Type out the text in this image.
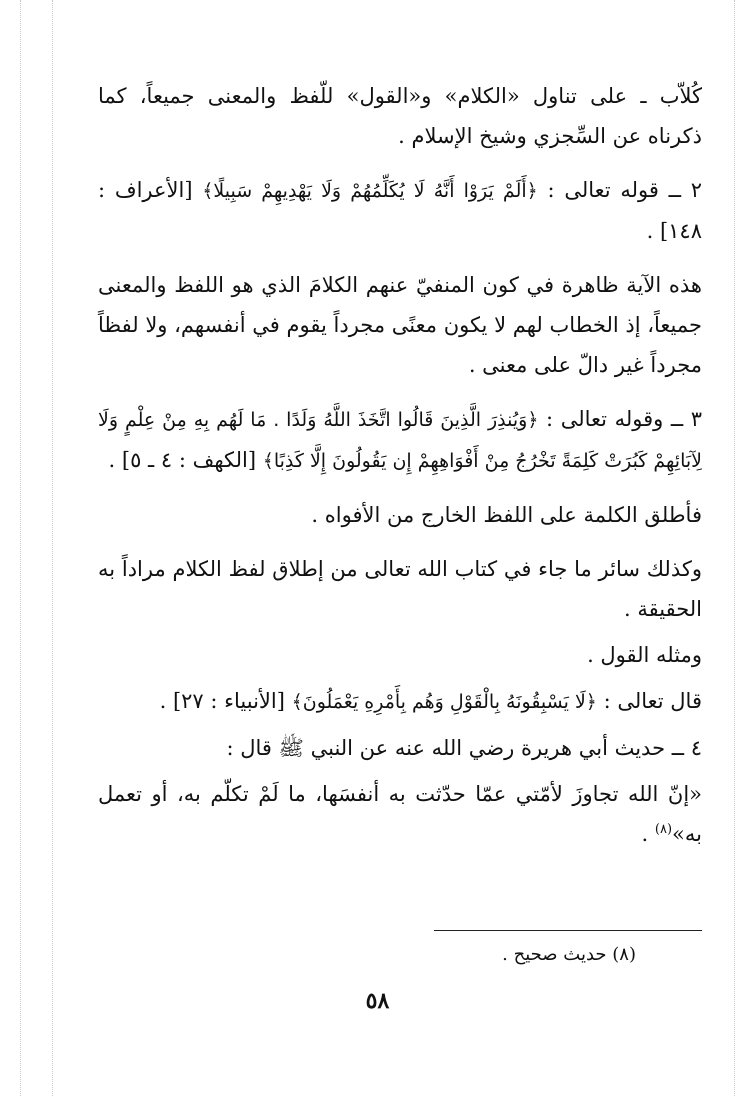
كُلاّب ـ على تناول «الكلام» و«القول» للّفظ والمعنى جميعاً، كما ذكرناه عن السِّجزي وشيخ الإسلام .

٢ ــ قوله تعالى : ﴿أَلَمْ يَرَوْا أَنَّهُ لَا يُكَلِّمُهُمْ وَلَا يَهْدِيهِمْ سَبِيلًا﴾ [الأعراف : ١٤٨] .

هذه الآية ظاهرة في كون المنفيّ عنهم الكلامَ الذي هو اللفظ والمعنى جميعاً، إذ الخطاب لهم لا يكون معنًى مجرداً يقوم في أنفسهم، ولا لفظاً مجرداً غير دالّ على معنى .

٣ ــ وقوله تعالى : ﴿وَيُنذِرَ الَّذِينَ قَالُوا اتَّخَذَ اللَّهُ وَلَدًا . مَا لَهُم بِهِ مِنْ عِلْمٍ وَلَا لِآبَائِهِمْ كَبُرَتْ كَلِمَةً تَخْرُجُ مِنْ أَفْوَاهِهِمْ إِن يَقُولُونَ إِلَّا كَذِبًا﴾ [الكهف : ٤ ـ ٥] .

فأطلق الكلمة على اللفظ الخارج من الأفواه .

وكذلك سائر ما جاء في كتاب الله تعالى من إطلاق لفظ الكلام مراداً به الحقيقة .

ومثله القول .

قال تعالى : ﴿لَا يَسْبِقُونَهُ بِالْقَوْلِ وَهُم بِأَمْرِهِ يَعْمَلُونَ﴾ [الأنبياء : ٢٧] .

٤ ــ حديث أبي هريرة رضي الله عنه عن النبي ﷺ قال :

«إنّ الله تجاوزَ لأمّتي عمّا حدّثت به أنفسَها، ما لَمْ تكلّم به، أو تعمل به»$^{(٨)}$ .

(٨) حديث صحيح .
٥٨
